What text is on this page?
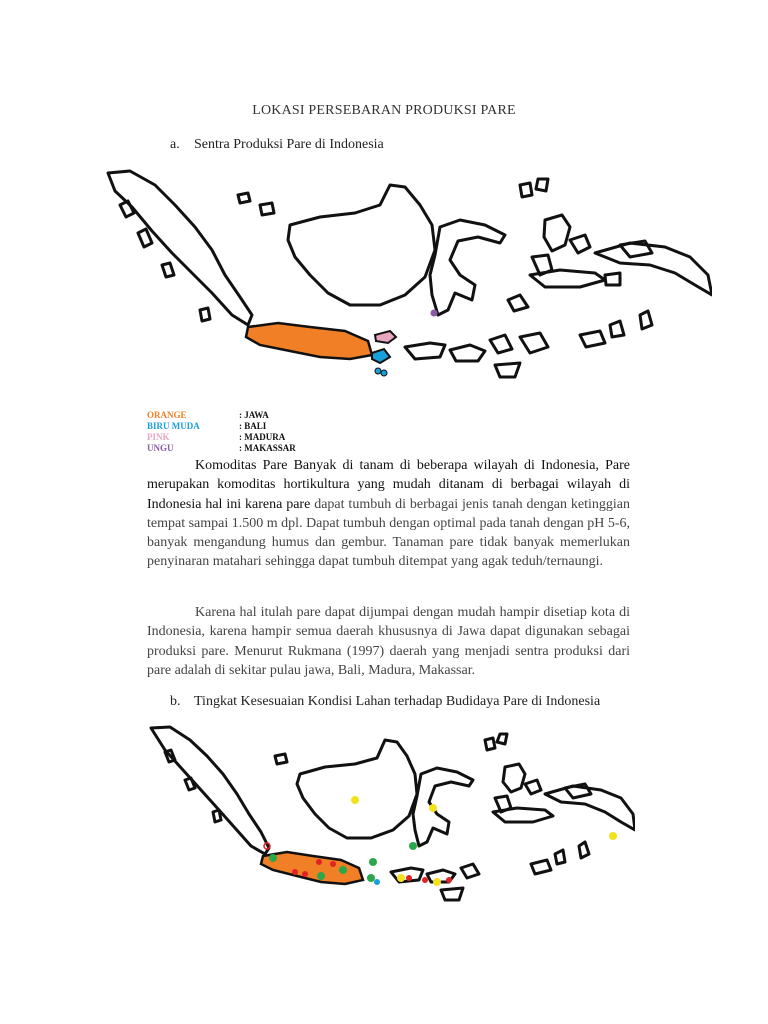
LOKASI PERSEBARAN PRODUKSI PARE
a. Sentra Produksi Pare di Indonesia
ORANGE	: JAWA
BIRU MUDA	: BALI
PINK	: MADURA
UNGU	: MAKASSAR
Komoditas Pare Banyak di tanam di beberapa wilayah di Indonesia, Pare merupakan komoditas hortikultura yang mudah ditanam di berbagai wilayah di Indonesia hal ini karena pare dapat tumbuh di berbagai jenis tanah dengan ketinggian tempat sampai 1.500 m dpl. Dapat tumbuh dengan optimal pada tanah dengan pH 5-6, banyak mengandung humus dan gembur. Tanaman pare tidak banyak memerlukan penyinaran matahari sehingga dapat tumbuh ditempat yang agak teduh/ternaungi.
Karena hal itulah pare dapat dijumpai dengan mudah hampir disetiap kota di Indonesia, karena hampir semua daerah khususnya di Jawa dapat digunakan sebagai produksi pare. Menurut Rukmana (1997) daerah yang menjadi sentra produksi dari pare adalah di sekitar pulau jawa, Bali, Madura, Makassar.
b. Tingkat Kesesuaian Kondisi Lahan terhadap Budidaya Pare di Indonesia
